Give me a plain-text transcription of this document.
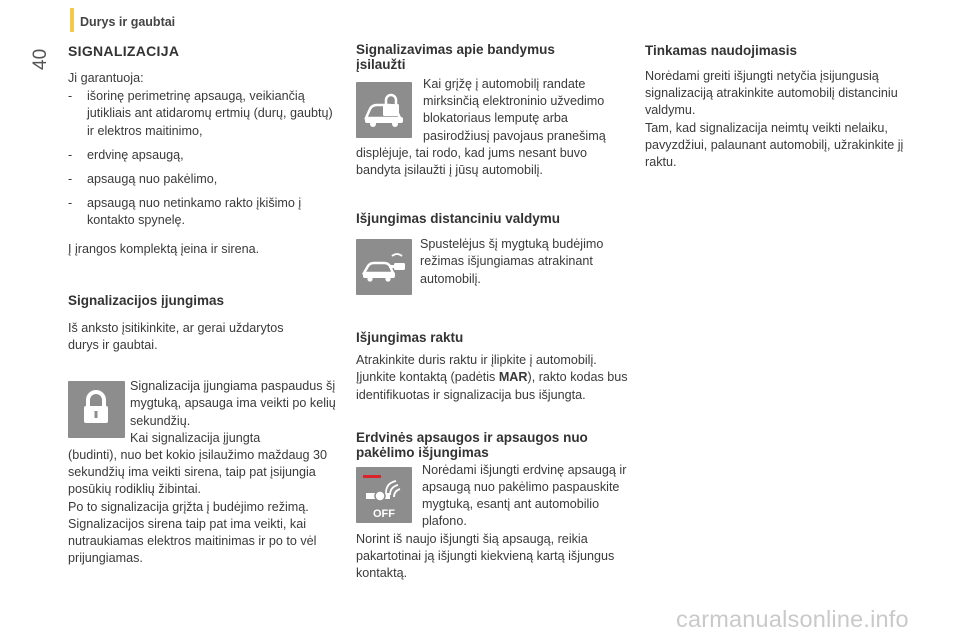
Durys ir gaubtai
40 SIGNALIZACIJA

Ji garantuoja:

- išorinę perimetrinę apsaugą, veikiančią jutikliais ant atidaromų ertmių (durų, gaubtų) ir elektros maitinimo,
- erdvinę apsaugą,
- apsaugą nuo pakėlimo,
- apsaugą nuo netinkamo rakto įkišimo į kontakto spynelę.

Į įrangos komplektą įeina ir sirena.

Signalizacijos įjungimas

Iš anksto įsitikinkite, ar gerai uždarytos durys ir gaubtai.

Signalizacija įjungiama paspaudus šį mygtuką, apsauga ima veikti po kelių sekundžių.

Kai signalizacija įjungta

(budinti), nuo bet kokio įsilaužimo maždaug 30 sekundžių ima veikti sirena, taip pat įsijungia posūkių rodiklių žibintai.

Po to signalizacija grįžta į budėjimo režimą.

Signalizacijos sirena taip pat ima veikti, kai nutraukiamas elektros maitinimas ir po to vėl prijungiamas.

Signalizavimas apie bandymus įsilaužti

Kai grįžę į automobilį randate mirksinčią elektroninio užvedimo blokatoriaus lemputę arba pasirodžiusį pavojaus pranešimą

displėjuje, tai rodo, kad jums nesant buvo bandyta įsilaužti į jūsų automobilį.

Išjungimas distanciniu valdymu

Spustelėjus šį mygtuką budėjimo režimas išjungiamas atrakinant automobilį.

Išjungimas raktu

Atrakinkite duris raktu ir įlipkite į automobilį. Įjunkite kontaktą (padėtis MAR), rakto kodas bus identifikuotas ir signalizacija bus išjungta.

Erdvinės apsaugos ir apsaugos nuo pakėlimo išjungimas
OFF

Norėdami išjungti erdvinę apsaugą ir apsaugą nuo pakėlimo paspauskite mygtuką, esantį ant automobilio plafono.

Norint iš naujo išjungti šią apsaugą, reikia pakartotinai ją išjungti kiekvieną kartą išjungus kontaktą.

Tinkamas naudojimasis

Norėdami greiti išjungti netyčia įsijungusią signalizaciją atrakinkite automobilį distanciniu valdymu.

Tam, kad signalizacija neimtų veikti nelaiku, pavyzdžiui, palaunant automobilį, užrakinkite jį raktu.

carmanualsonline.info
